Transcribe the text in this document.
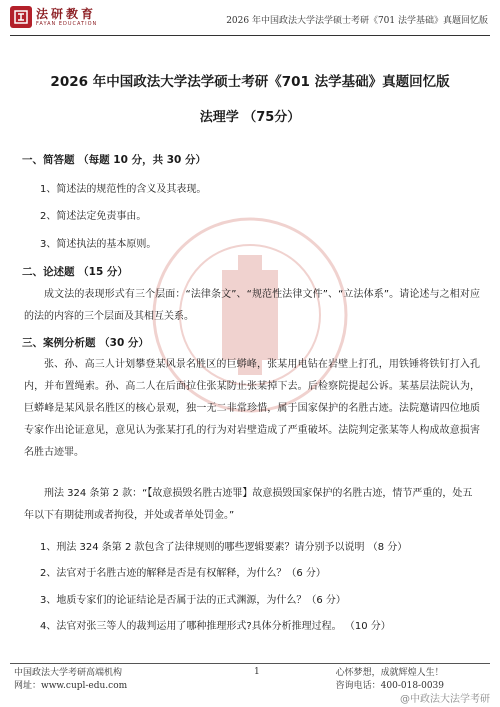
法研教育
FAYAN EDUCATION	2026 年中国政法大学法学硕士考研《701 法学基础》真题回忆版
2026 年中国政法大学法学硕士考研《701 法学基础》真题回忆版
法理学 （75分）
一、简答题 （每题 10 分，共 30 分）
1、简述法的规范性的含义及其表现。
2、简述法定免责事由。
3、简述执法的基本原则。
二、论述题 （15 分）
成文法的表现形式有三个层面：“法律条文”、“规范性法律文件”、“立法体系”。请论述与之相对应的法的内容的三个层面及其相互关系。
三、案例分析题 （30 分）
张、孙、高三人计划攀登某风景名胜区的巨蟒峰，张某用电钻在岩壁上打孔，用铁锤将铁钉打入孔内，并布置绳索。孙、高二人在后面拉住张某防止张某掉下去。后检察院提起公诉。某基层法院认为，巨蟒峰是某风景名胜区的核心景观，独一无二非常珍惜，属于国家保护的名胜古迹。法院邀请四位地质专家作出论证意见，意见认为张某打孔的行为对岩壁造成了严重破坏。法院判定张某等人构成故意损害名胜古迹罪。
刑法 324 条第 2 款：“【故意损毁名胜古迹罪】故意损毁国家保护的名胜古迹，情节严重的，处五年以下有期徒刑或者拘役，并处或者单处罚金。”
1、刑法 324 条第 2 款包含了法律规则的哪些逻辑要素？请分别予以说明 （8 分）
2、法官对于名胜古迹的解释是否是有权解释，为什么？（6 分）
3、地质专家们的论证结论是否属于法的正式渊源，为什么？（6 分）
4、法官对张三等人的裁判运用了哪种推理形式?具体分析推理过程。 （10 分）
中国政法大学考研高端机构
网址：www.cupl-edu.com
1	心怀梦想，成就辉煌人生！
咨询电话：400-018-0039
@中政法大法学考研
